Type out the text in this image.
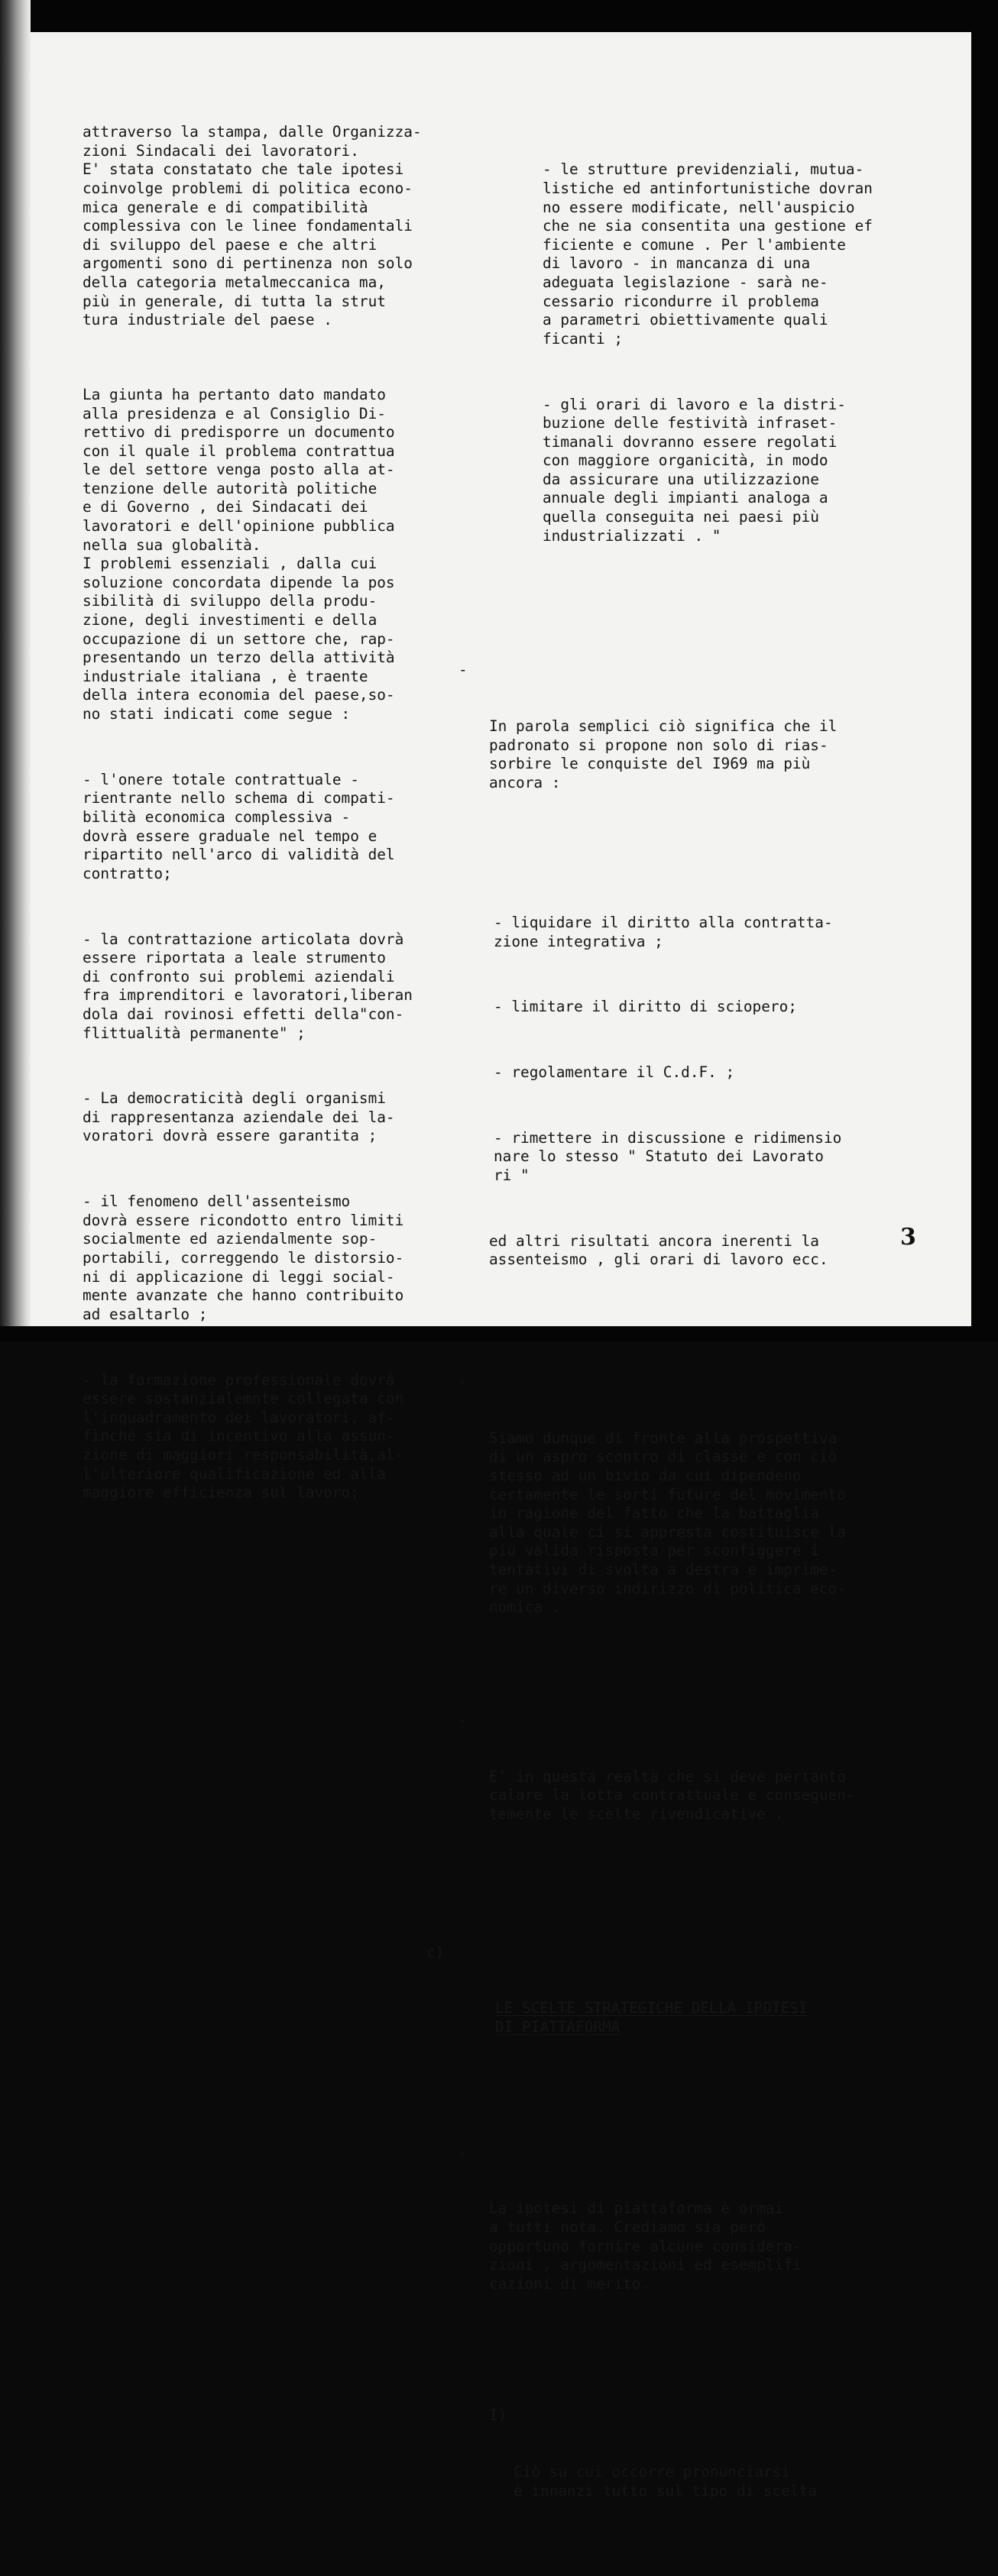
attraverso la stampa, dalle Organizza-
zioni Sindacali dei lavoratori.
E' stata constatato che tale ipotesi
coinvolge problemi di politica econo-
mica generale e di compatibilità
complessiva con le linee fondamentali
di sviluppo del paese e che altri
argomenti sono di pertinenza non solo
della categoria metalmeccanica ma,
più in generale, di tutta la strut
tura industriale del paese .

La giunta ha pertanto dato mandato
alla presidenza e al Consiglio Di-
rettivo di predisporre un documento
con il quale il problema contrattua
le del settore venga posto alla at-
tenzione delle autorità politiche
e di Governo , dei Sindacati dei
lavoratori e dell'opinione pubblica
nella sua globalità.
I problemi essenziali , dalla cui
soluzione concordata dipende la pos
sibilità di sviluppo della produ-
zione, degli investimenti e della
occupazione di un settore che, rap-
presentando un terzo della attività
industriale italiana , è traente
della intera economia del paese,so-
no stati indicati come segue :

- l'onere totale contrattuale -
rientrante nello schema di compati-
bilità economica complessiva -
dovrà essere graduale nel tempo e
ripartito nell'arco di validità del
contratto;

- la contrattazione articolata dovrà
essere riportata a leale strumento
di confronto sui problemi aziendali
fra imprenditori e lavoratori,liberan
dola dai rovinosi effetti della"con-
flittualità permanente" ;

- La democraticità degli organismi
di rappresentanza aziendale dei la-
voratori dovrà essere garantita ;

- il fenomeno dell'assenteismo
dovrà essere ricondotto entro limiti
socialmente ed aziendalmente sop-
portabili, correggendo le distorsio-
ni di applicazione di leggi social-
mente avanzate che hanno contribuito
ad esaltarlo ;

- la formazione professionale dovrà
essere sostanzialemnte collegata con
l'inquadramento dei lavoratori, af-
finchè sia di incentivo alla assun-
zione di maggiori responsabilità,al-
l'ulteriore qualificazione ed alla
maggiore efficienza sul lavoro;

- le strutture previdenziali, mutua-
listiche ed antinfortunistiche dovran
no essere modificate, nell'auspicio
che ne sia consentita una gestione ef
ficiente e comune . Per l'ambiente
di lavoro - in mancanza di una
adeguata legislazione - sarà ne-
cessario ricondurre il problema
a parametri obiettivamente quali
ficanti ;

- gli orari di lavoro e la distri-
buzione delle festività infraset-
timanali dovranno essere regolati
con maggiore organicità, in modo
da assicurare una utilizzazione
annuale degli impianti analoga a
quella conseguita nei paesi più
industrializzati . "

-

In parola semplici ciò significa che il
padronato si propone non solo di rias-
sorbire le conquiste del I969 ma più
ancora :

- liquidare il diritto alla contratta-
zione integrativa ;

- limitare il diritto di sciopero;

- regolamentare il C.d.F. ;

- rimettere in discussione e ridimensio
nare lo stesso " Statuto dei Lavorato
ri "

ed altri risultati ancora inerenti la
assenteismo , gli orari di lavoro ecc.

-

Siamo dunque di fronte alla prospettiva
di un aspro scontro di classe e con ciò
stesso ad un bivio da cui dipendeno
certamente le sorti future del movimento
in ragione del fatto che la battaglia
alla quale ci si appresta costituisce la
più valida risposta per sconfiggere i
tentativi di svolta a destra e imprime-
re un diverso indirizzo di politica eco-
nomica .

-

E' in questa realtà che si deve pertanto
calare la lotta contrattuale e conseguen-
temente le scelte rivendicative .

c)

LE SCELTE STRATEGICHE DELLA IPOTESI
DI PIATTAFORMA

-

La ipotesi di piattaforma è ormai
a tutti nota. Crediamo sia però
opportuno fornire alcune considera-
zioni , argomentazioni ed esemplifi
cazioni di merito.

I)

Ciò su cui occorre pronunciarsi
è innanzi tutto sul tipo di scelta

3
